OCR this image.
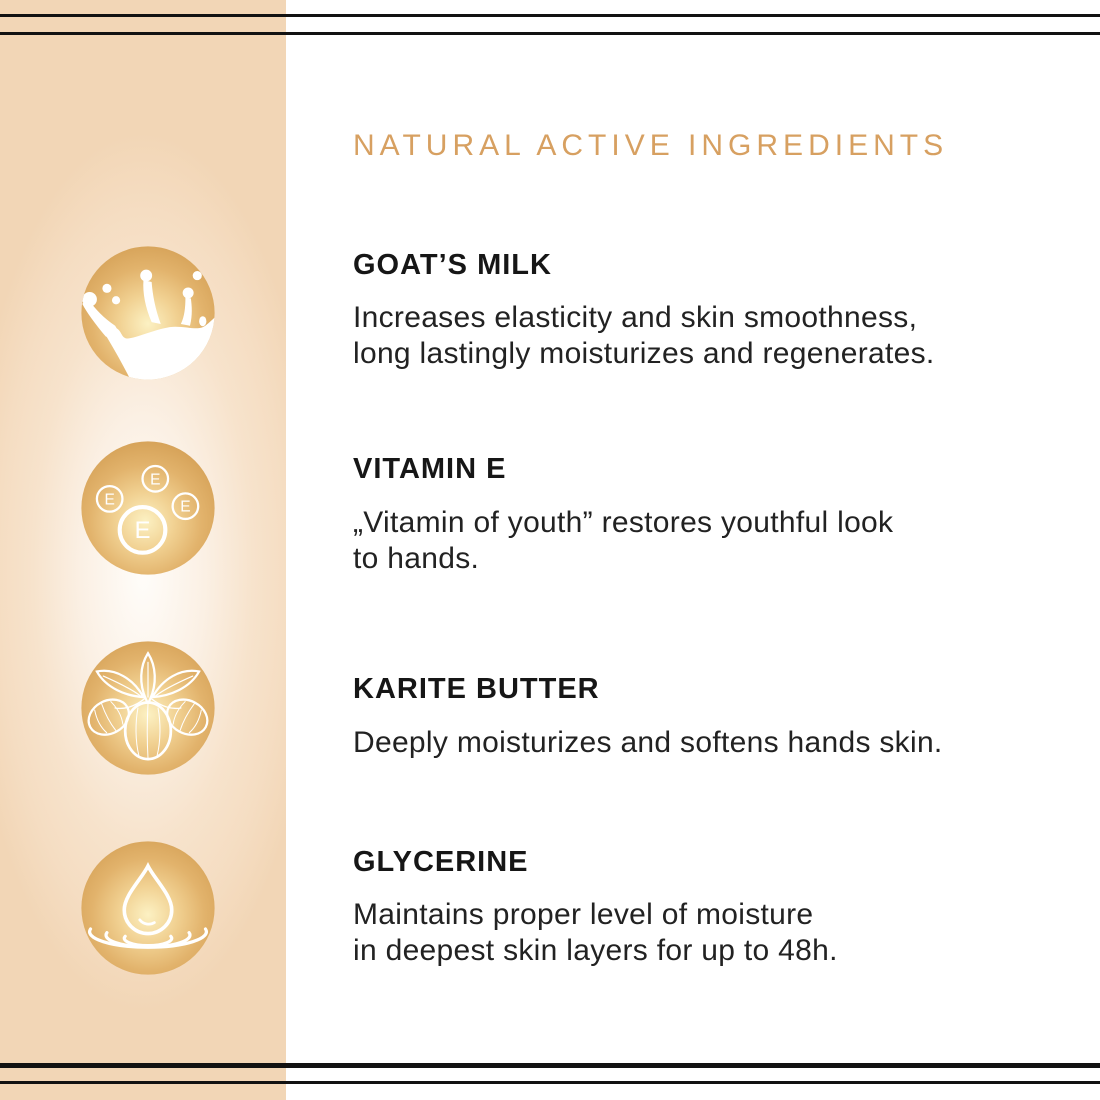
E
E
E	E
NATURAL ACTIVE INGREDIENTS
GOAT’S MILK
Increases elasticity and skin smoothness,
long lastingly moisturizes and regenerates.
VITAMIN E
„Vitamin of youth” restores youthful look
to hands.
KARITE BUTTER
Deeply moisturizes and softens hands skin.
GLYCERINE
Maintains proper level of moisture
in deepest skin layers for up to 48h.
